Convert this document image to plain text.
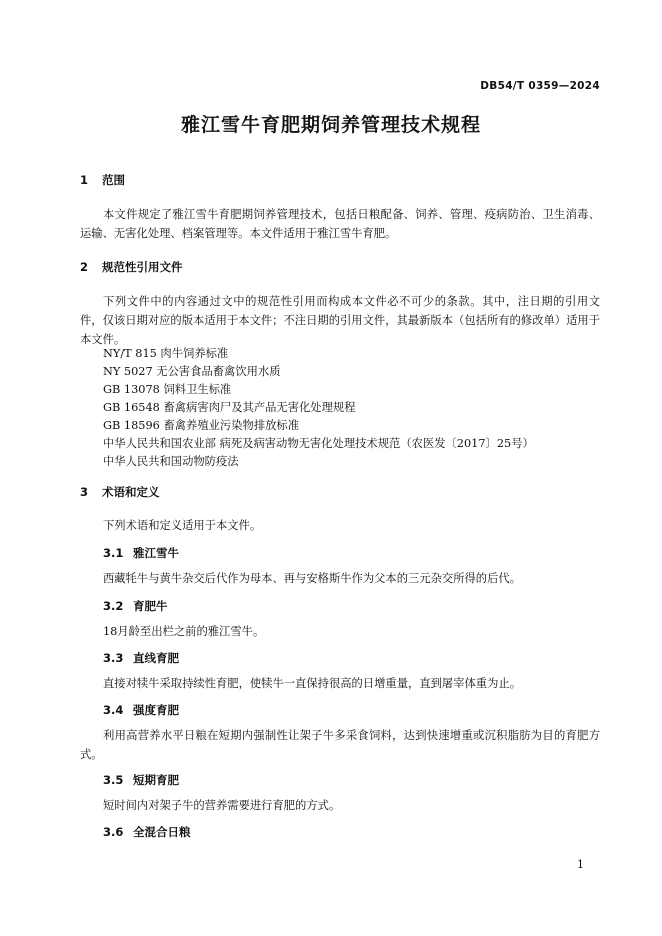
DB54/T 0359—2024
雅江雪牛育肥期饲养管理技术规程
1 范围

本文件规定了雅江雪牛育肥期饲养管理技术，包括日粮配备、饲养、管理、疫病防治、卫生消毒、运输、无害化处理、档案管理等。本文件适用于雅江雪牛育肥。

2 规范性引用文件

下列文件中的内容通过文中的规范性引用而构成本文件必不可少的条款。其中，注日期的引用文件，仅该日期对应的版本适用于本文件；不注日期的引用文件，其最新版本（包括所有的修改单）适用于本文件。

NY/T 815 肉牛饲养标准
NY 5027 无公害食品畜禽饮用水质
GB 13078 饲料卫生标准
GB 16548 畜禽病害肉尸及其产品无害化处理规程
GB 18596 畜禽养殖业污染物排放标准
中华人民共和国农业部 病死及病害动物无害化处理技术规范（农医发〔2017〕25号）
中华人民共和国动物防疫法
3 术语和定义

下列术语和定义适用于本文件。

3.1 雅江雪牛

西藏牦牛与黄牛杂交后代作为母本、再与安格斯牛作为父本的三元杂交所得的后代。

3.2 育肥牛

18月龄至出栏之前的雅江雪牛。

3.3 直线育肥

直接对犊牛采取持续性育肥，使犊牛一直保持很高的日增重量，直到屠宰体重为止。

3.4 强度育肥

利用高营养水平日粮在短期内强制性让架子牛多采食饲料，达到快速增重或沉积脂肪为目的育肥方式。

3.5 短期育肥

短时间内对架子牛的营养需要进行育肥的方式。

3.6 全混合日粮
1
